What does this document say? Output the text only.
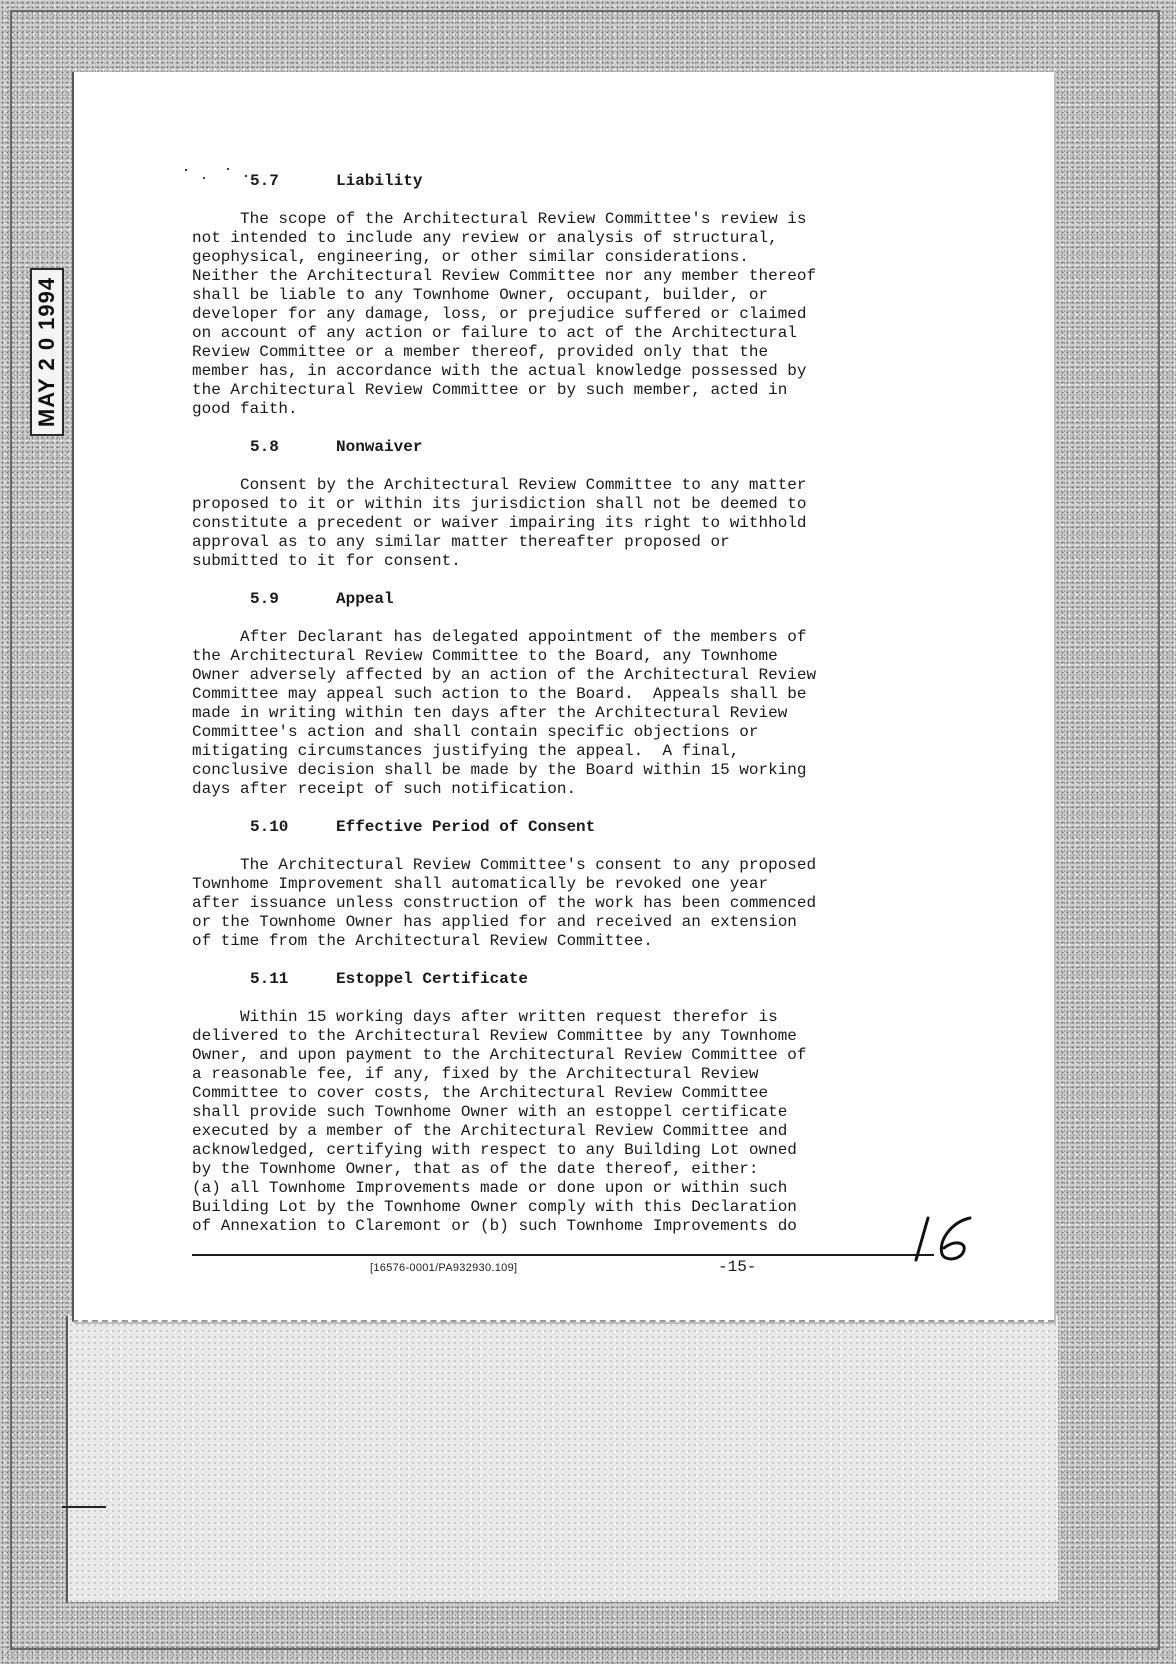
MAY 2 0 1994
5.7	Liability
The scope of the Architectural Review Committee's review is
not intended to include any review or analysis of structural,
geophysical, engineering, or other similar considerations.
Neither the Architectural Review Committee nor any member thereof
shall be liable to any Townhome Owner, occupant, builder, or
developer for any damage, loss, or prejudice suffered or claimed
on account of any action or failure to act of the Architectural
Review Committee or a member thereof, provided only that the
member has, in accordance with the actual knowledge possessed by
the Architectural Review Committee or by such member, acted in
good faith.
5.8	Nonwaiver
Consent by the Architectural Review Committee to any matter
proposed to it or within its jurisdiction shall not be deemed to
constitute a precedent or waiver impairing its right to withhold
approval as to any similar matter thereafter proposed or
submitted to it for consent.
5.9	Appeal
After Declarant has delegated appointment of the members of
the Architectural Review Committee to the Board, any Townhome
Owner adversely affected by an action of the Architectural Review
Committee may appeal such action to the Board.  Appeals shall be
made in writing within ten days after the Architectural Review
Committee's action and shall contain specific objections or
mitigating circumstances justifying the appeal.  A final,
conclusive decision shall be made by the Board within 15 working
days after receipt of such notification.
5.10	Effective Period of Consent
The Architectural Review Committee's consent to any proposed
Townhome Improvement shall automatically be revoked one year
after issuance unless construction of the work has been commenced
or the Townhome Owner has applied for and received an extension
of time from the Architectural Review Committee.
5.11	Estoppel Certificate
Within 15 working days after written request therefor is
delivered to the Architectural Review Committee by any Townhome
Owner, and upon payment to the Architectural Review Committee of
a reasonable fee, if any, fixed by the Architectural Review
Committee to cover costs, the Architectural Review Committee
shall provide such Townhome Owner with an estoppel certificate
executed by a member of the Architectural Review Committee and
acknowledged, certifying with respect to any Building Lot owned
by the Townhome Owner, that as of the date thereof, either:
(a) all Townhome Improvements made or done upon or within such
Building Lot by the Townhome Owner comply with this Declaration
of Annexation to Claremont or (b) such Townhome Improvements do
[16576-0001/PA932930.109]	-15-
